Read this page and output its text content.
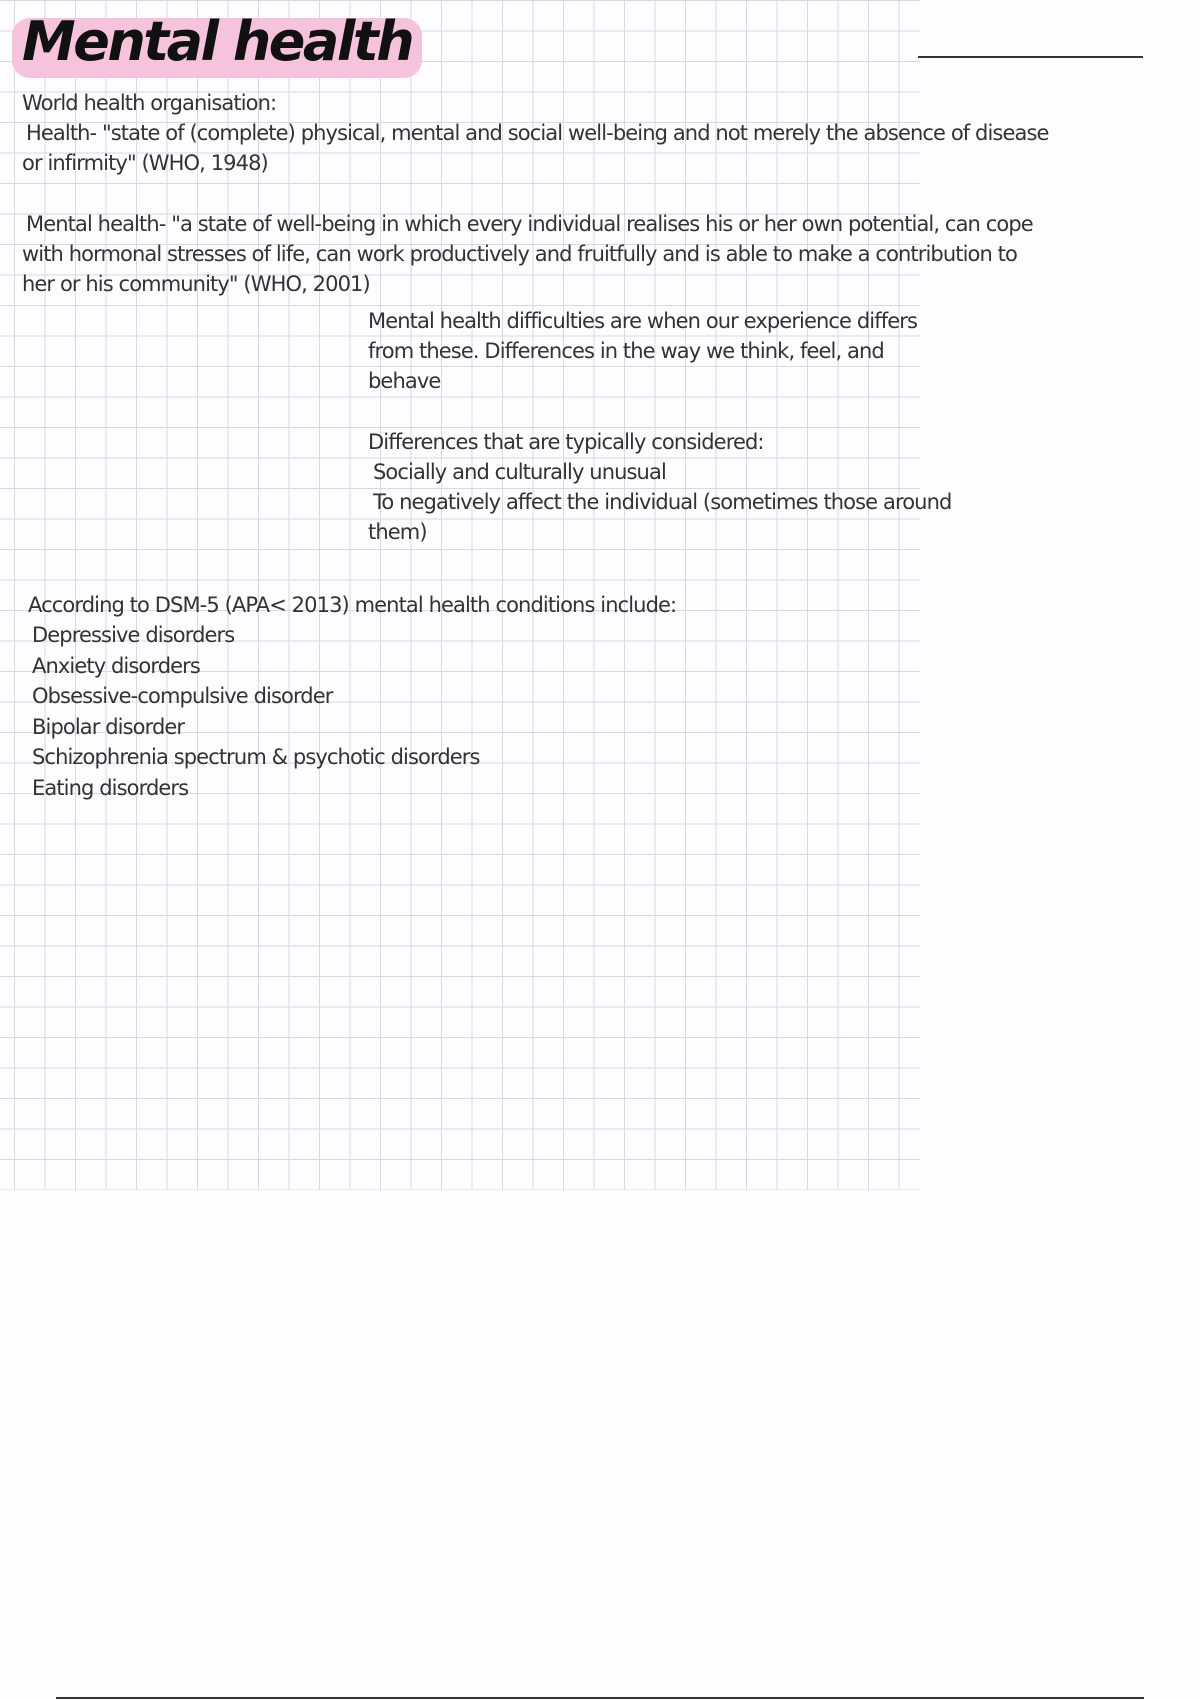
Mental health
World health organisation:
Health- "state of (complete) physical, mental and social well-being and not merely the absence of disease
or infirmity" (WHO, 1948)
Mental health- "a state of well-being in which every individual realises his or her own potential, can cope
with hormonal stresses of life, can work productively and fruitfully and is able to make a contribution to
her or his community" (WHO, 2001)
Mental health difficulties are when our experience differs
from these. Differences in the way we think, feel, and
behave
Differences that are typically considered:
Socially and culturally unusual
To negatively affect the individual (sometimes those around
them)
According to DSM-5 (APA< 2013) mental health conditions include:
Depressive disorders
Anxiety disorders
Obsessive-compulsive disorder
Bipolar disorder
Schizophrenia spectrum & psychotic disorders
Eating disorders
